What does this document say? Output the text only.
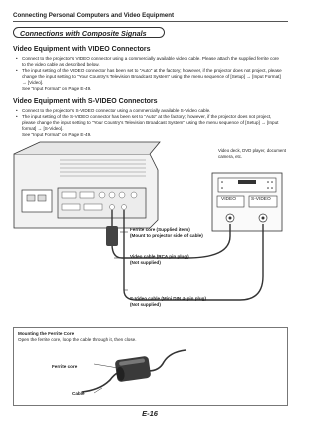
Connecting Personal Computers and Video Equipment
Connections with Composite Signals
Video Equipment with VIDEO Connectors
• Connect to the projector's VIDEO connector using a commercially available video cable. Please attach the supplied ferrite core
to the video cable as described below.
• The input setting of the VIDEO connector has been set to "Auto" at the factory; however, if the projector does not project, please
change the input setting to "Your Country's Television Broadcast System" using the menu sequence of [Setup] → [Input Format]
→ [Video].
See "Input Format" on Page E-49.
Video Equipment with S-VIDEO Connectors
• Connect to the projector's S-VIDEO connector using a commercially available S-Video cable.
• The input setting of the S-VIDEO connector has been set to "Auto" at the factory; however, if the projector does not project,
please change the input setting to "Your Country's Television Broadcast System" using the menu sequence of [Setup] → [Input
format] → [S-Video].
See "Input Format" on Page E-49.
Video deck, DVD player, document
camera, etc.
VIDEO	S-VIDEO
Ferrite core (Supplied item)
(Mount to projector side of cable)
Video cable (RCA pin plug)
(Not supplied)
S-Video cable (Mini DIN 4-pin plug)
(Not supplied)
Mounting the Ferrite Core
Open the ferrite core, loop the cable through it, then close.
Ferrite core
Cable
E-16
